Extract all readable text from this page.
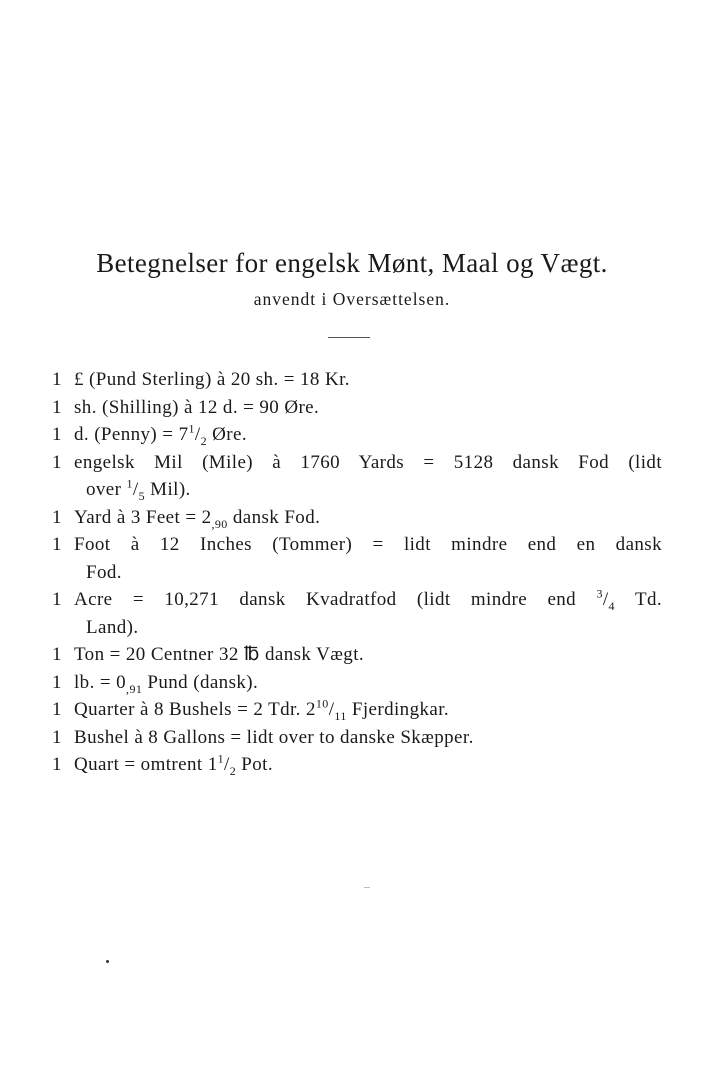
Betegnelser for engelsk Mønt, Maal og Vægt.
anvendt i Oversættelsen.
1 £ (Pund Sterling) à 20 sh. = 18 Kr.
1 sh. (Shilling) à 12 d. = 90 Øre.
1 d. (Penny) = $7^1/_2$ Øre.
1 engelsk Mil (Mile) à 1760 Yards = 5128 dansk Fod (lidt
over $^1/_5$ Mil).
1 Yard à 3 Feet = $2_{,90}$ dansk Fod.
1 Foot à 12 Inches (Tommer) = lidt mindre end en dansk
Fod.
1 Acre = 10,271 dansk Kvadratfod (lidt mindre end $^3/_4$ Td.
Land).
1 Ton = 20 Centner 32 ℔ dansk Vægt.
1 lb. = $0_{,91}$ Pund (dansk).
1 Quarter à 8 Bushels = 2 Tdr. $2^{10}/_{11}$ Fjerdingkar.
1 Bushel à 8 Gallons = lidt over to danske Skæpper.
1 Quart = omtrent $1^1/_2$ Pot.
